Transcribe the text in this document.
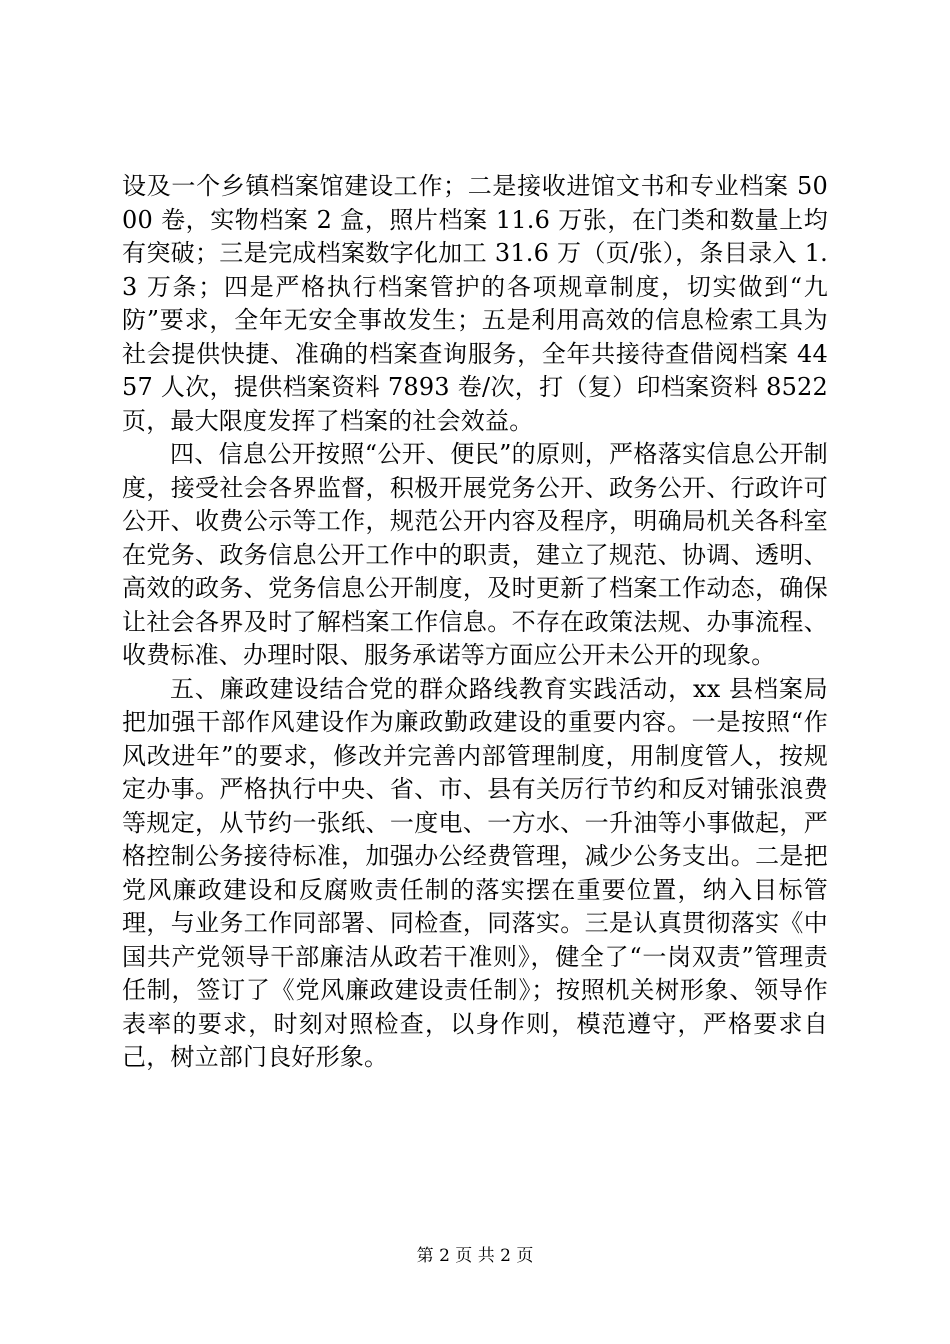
设及一个乡镇档案馆建设工作；二是接收进馆文书和专业档案 5000 卷，实物档案 2 盒，照片档案 11.6 万张，在门类和数量上均有突破；三是完成档案数字化加工 31.6 万（页/张），条目录入 1.3 万条；四是严格执行档案管护的各项规章制度，切实做到“九防”要求，全年无安全事故发生；五是利用高效的信息检索工具为社会提供快捷、准确的档案查询服务，全年共接待查借阅档案 4457 人次，提供档案资料 7893 卷/次，打（复）印档案资料 8522 页，最大限度发挥了档案的社会效益。

四、信息公开按照“公开、便民”的原则，严格落实信息公开制度，接受社会各界监督，积极开展党务公开、政务公开、行政许可公开、收费公示等工作，规范公开内容及程序，明确局机关各科室在党务、政务信息公开工作中的职责，建立了规范、协调、透明、高效的政务、党务信息公开制度，及时更新了档案工作动态，确保让社会各界及时了解档案工作信息。不存在政策法规、办事流程、收费标准、办理时限、服务承诺等方面应公开未公开的现象。

五、廉政建设结合党的群众路线教育实践活动，xx 县档案局把加强干部作风建设作为廉政勤政建设的重要内容。一是按照“作风改进年”的要求，修改并完善内部管理制度，用制度管人，按规定办事。严格执行中央、省、市、县有关厉行节约和反对铺张浪费等规定，从节约一张纸、一度电、一方水、一升油等小事做起，严格控制公务接待标准，加强办公经费管理，减少公务支出。二是把党风廉政建设和反腐败责任制的落实摆在重要位置，纳入目标管理，与业务工作同部署、同检查，同落实。三是认真贯彻落实《中国共产党领导干部廉洁从政若干准则》，健全了“一岗双责”管理责任制，签订了《党风廉政建设责任制》；按照机关树形象、领导作表率的要求，时刻对照检查，以身作则，模范遵守，严格要求自己，树立部门良好形象。

第 2 页 共 2 页
